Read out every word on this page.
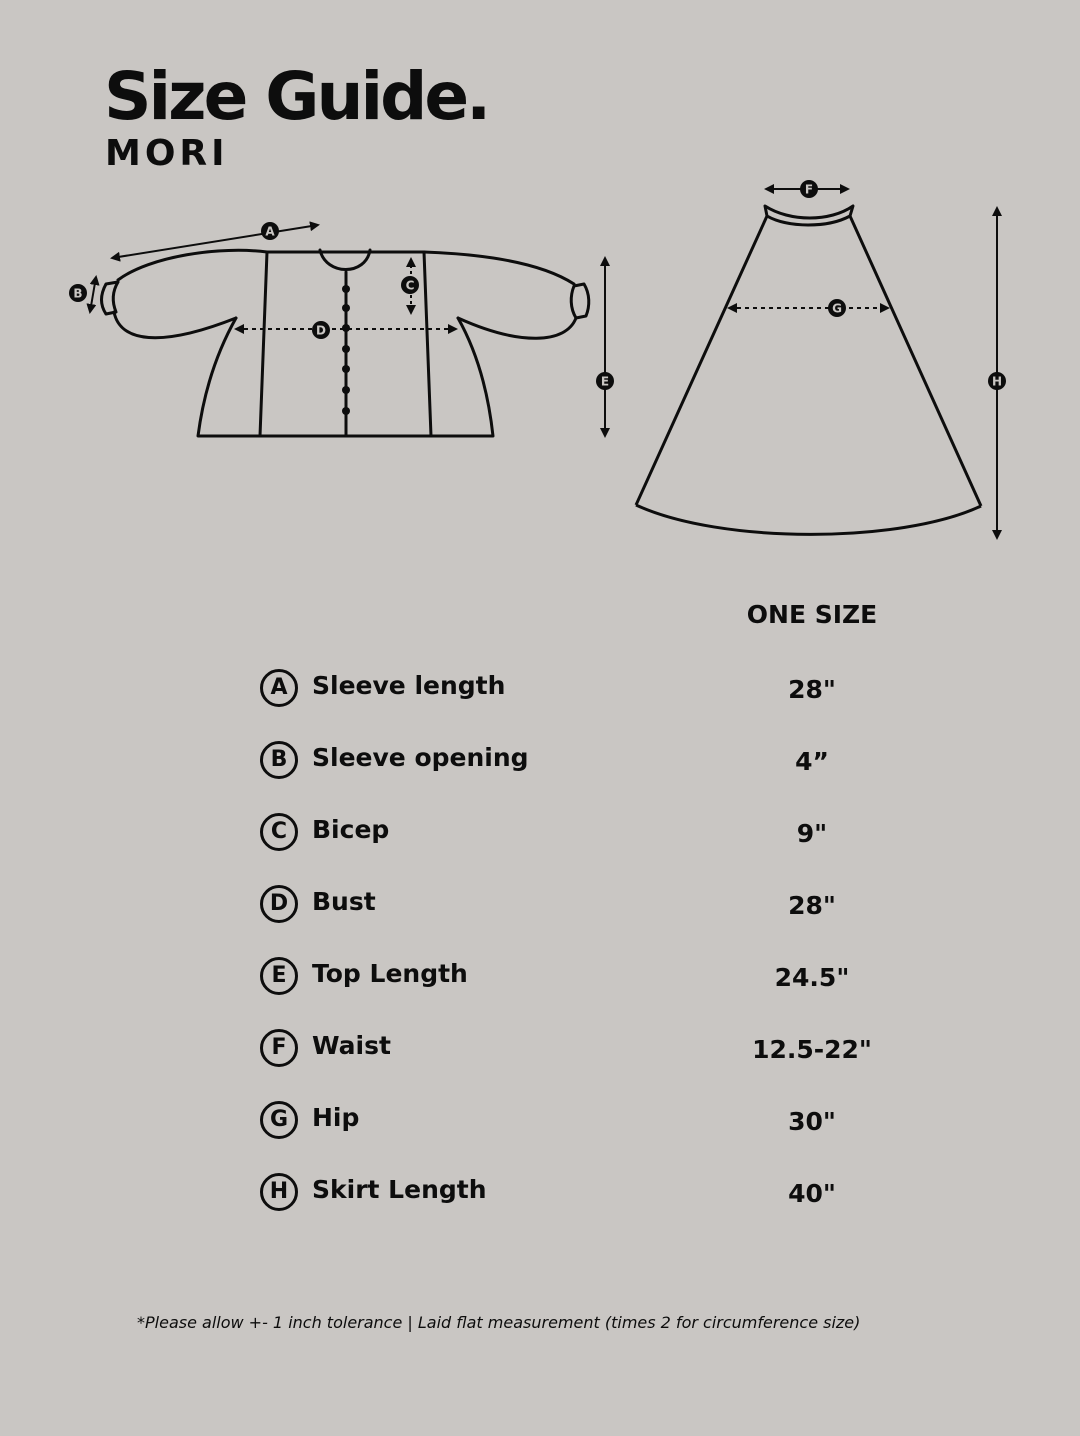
Size Guide.
MORI
A
B
C
D
E
F
G
H
ONE SIZE
A Sleeve length	28"
B Sleeve opening	4”
C Bicep	9"
D Bust	28"
E	Top Length	24.5"
F	Waist	12.5-22"
G Hip	30"
H Skirt Length	40"
*Please allow +- 1 inch tolerance | Laid flat measurement (times 2 for circumference size)
